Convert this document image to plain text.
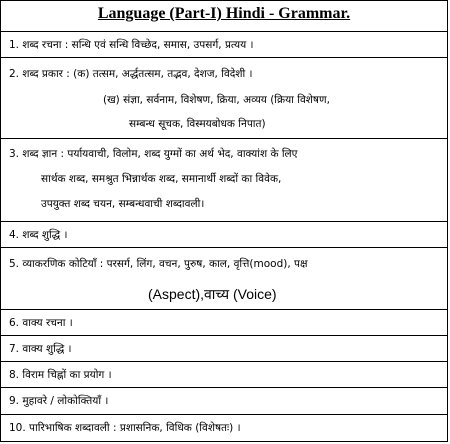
Language (Part-I) Hindi - Grammar.
1. शब्द रचना : सन्धि एवं सन्धि विच्छेद, समास, उपसर्ग, प्रत्यय ।
2. शब्द प्रकार : (क) तत्सम, अर्द्धतत्सम, तद्भव, देशज, विदेशी ।
(ख) संज्ञा, सर्वनाम, विशेषण, क्रिया, अव्यय (क्रिया विशेषण,
सम्बन्ध सूचक, विस्मयबोधक निपात)
3. शब्द ज्ञान : पर्यायवाची, विलोम, शब्द युग्मों का अर्थ भेद, वाक्यांश के लिए
सार्थक शब्द, समश्रुत भिन्नार्थक शब्द, समानार्थी शब्दों का विवेक,
उपयुक्त शब्द चयन, सम्बन्धवाची शब्दावली।
4. शब्द शुद्धि ।
5. व्याकरणिक कोटियाँ : परसर्ग, लिंग, वचन, पुरुष, काल, वृत्ति(mood), पक्ष
(Aspect),वाच्य (Voice)
6. वाक्य रचना ।
7. वाक्य शुद्धि ।
8. विराम चिह्नों का प्रयोग ।
9. मुहावरे / लोकोक्तियाँ ।
10. पारिभाषिक शब्दावली : प्रशासनिक, विधिक (विशेषतः) ।
